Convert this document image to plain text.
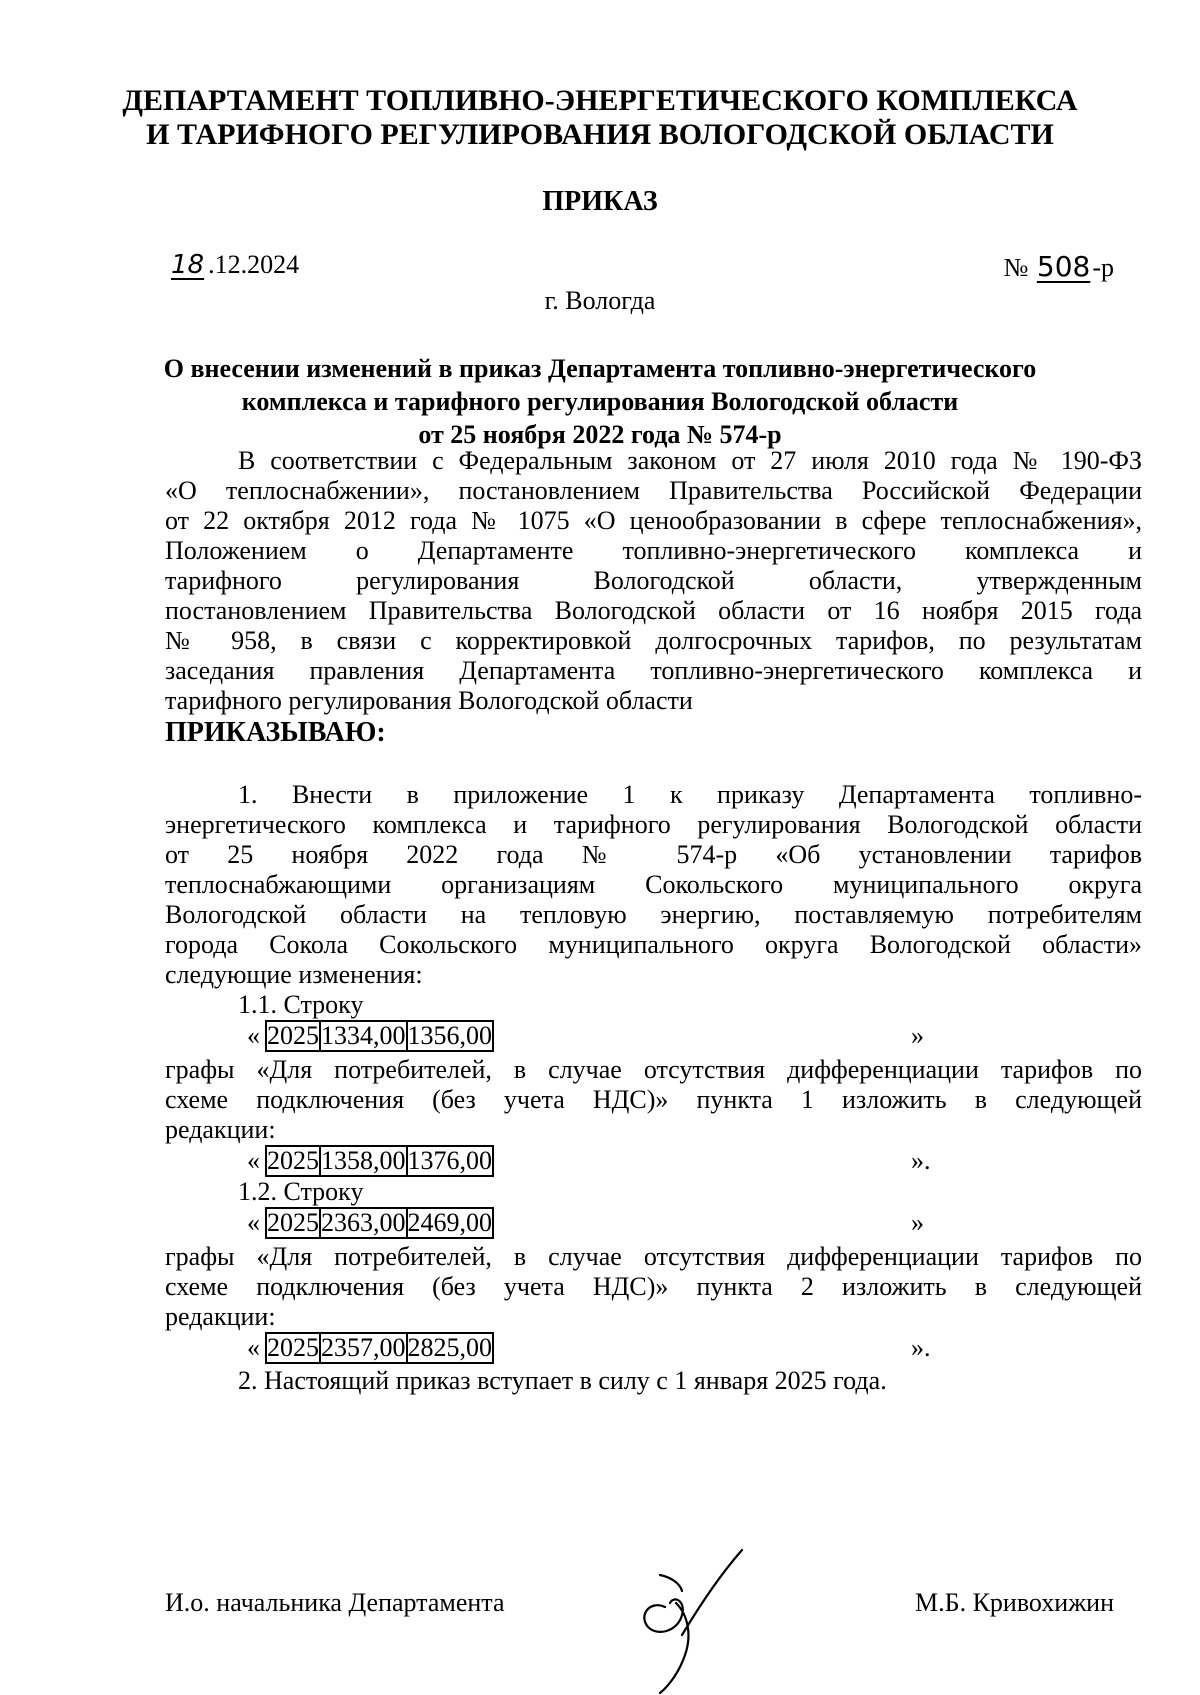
ДЕПАРТАМЕНТ ТОПЛИВНО-ЭНЕРГЕТИЧЕСКОГО КОМПЛЕКСА
И ТАРИФНОГО РЕГУЛИРОВАНИЯ ВОЛОГОДСКОЙ ОБЛАСТИ
ПРИКАЗ
18 .12.2024	№ 508-р
г. Вологда
О внесении изменений в приказ Департамента топливно-энергетического
комплекса и тарифного регулирования Вологодской области
от 25 ноября 2022 года № 574-р
В соответствии с Федеральным законом от 27 июля 2010 года № 190-ФЗ
«О теплоснабжении», постановлением Правительства Российской Федерации
от 22 октября 2012 года № 1075 «О ценообразовании в сфере теплоснабжения»,
Положением о Департаменте топливно-энергетического комплекса и
тарифного регулирования Вологодской области, утвержденным
постановлением Правительства Вологодской области от 16 ноября 2015 года
№ 958, в связи с корректировкой долгосрочных тарифов, по результатам
заседания правления Департамента топливно-энергетического комплекса и
тарифного регулирования Вологодской области
ПРИКАЗЫВАЮ:
1. Внести в приложение 1 к приказу Департамента топливно-
энергетического комплекса и тарифного регулирования Вологодской области
от 25 ноября 2022 года № 574-р «Об установлении тарифов
теплоснабжающими организациям Сокольского муниципального округа
Вологодской области на тепловую энергию, поставляемую потребителям
города Сокола Сокольского муниципального округа Вологодской области»
следующие изменения:
1.1. Строку
« 2025	1334,00	1356,00	»
графы «Для потребителей, в случае отсутствия дифференциации тарифов по
схеме подключения (без учета НДС)» пункта 1 изложить в следующей
редакции:
« 2025	1358,00	1376,00	».
1.2. Строку
« 2025	2363,00	2469,00	»
графы «Для потребителей, в случае отсутствия дифференциации тарифов по
схеме подключения (без учета НДС)» пункта 2 изложить в следующей
редакции:
« 2025	2357,00	2825,00	».
2. Настоящий приказ вступает в силу с 1 января 2025 года.
И.о. начальника Департамента	М.Б. Кривохижин
